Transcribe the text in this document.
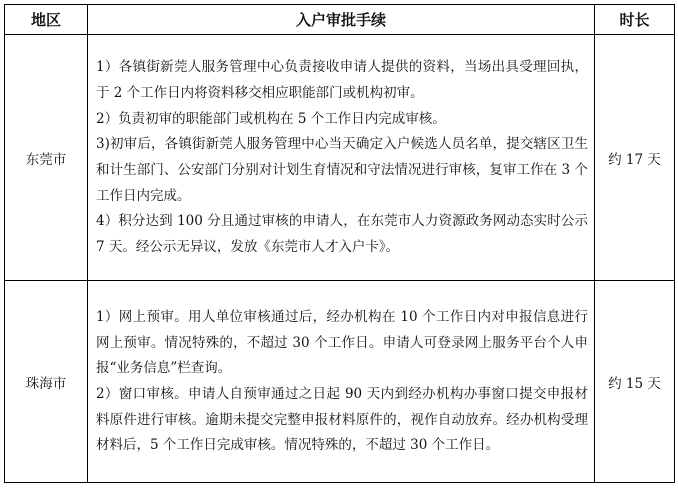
地区	入户审批手续	时长
东莞市	1）各镇街新莞人服务管理中心负责接收申请人提供的资料，当场出具受理回执，于 2 个工作日内将资料移交相应职能部门或机构初审。

2）负责初审的职能部门或机构在 5 个工作日内完成审核。

3)初审后，各镇街新莞人服务管理中心当天确定入户候选人员名单，提交辖区卫生和计生部门、公安部门分别对计划生育情况和守法情况进行审核，复审工作在 3 个工作日内完成。

4）积分达到 100 分且通过审核的申请人，在东莞市人力资源政务网动态实时公示 7 天。经公示无异议，发放《东莞市人才入户卡》。	约 17 天
珠海市	1）网上预审。用人单位审核通过后，经办机构在 10 个工作日内对申报信息进行网上预审。情况特殊的，不超过 30 个工作日。申请人可登录网上服务平台个人申报“业务信息”栏查询。

2）窗口审核。申请人自预审通过之日起 90 天内到经办机构办事窗口提交申报材料原件进行审核。逾期未提交完整申报材料原件的，视作自动放弃。经办机构受理材料后，5 个工作日完成审核。情况特殊的，不超过 30 个工作日。	约 15 天
